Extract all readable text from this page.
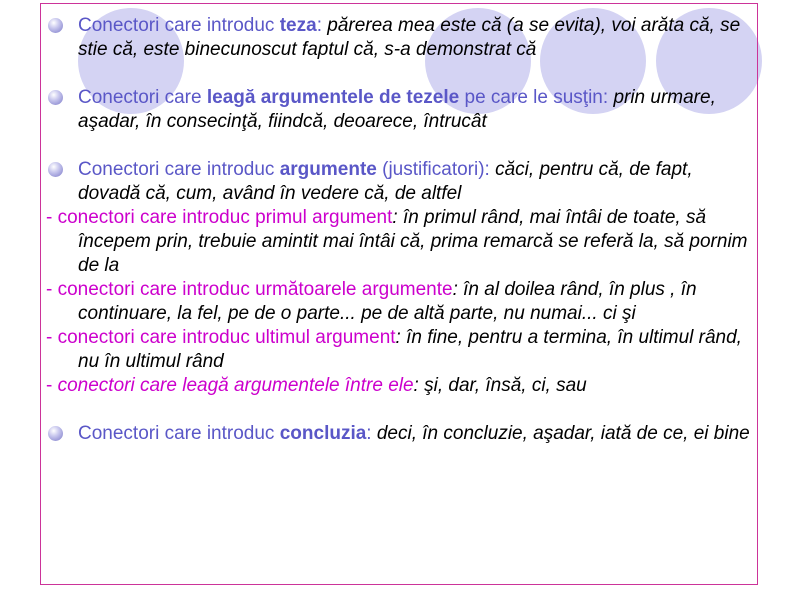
Conectori care introduc teza: părerea mea este că (a se evita), voi arăta că, se stie că, este binecunoscut faptul că, s-a demonstrat că
Conectori care leagă argumentele de tezele pe care le susţin: prin urmare, aşadar, în consecinţă, fiindcă, deoarece, întrucât
Conectori care introduc argumente (justificatori): căci, pentru că, de fapt, dovadă că, cum, având în vedere că, de altfel
- conectori care introduc primul argument: în primul rând, mai întâi de toate, să începem prin, trebuie amintit mai întâi că, prima remarcă se referă la, să pornim de la
- conectori care introduc următoarele argumente: în al doilea rând, în plus , în continuare, la fel, pe de o parte... pe de altă parte, nu numai... ci şi
- conectori care introduc ultimul argument: în fine, pentru a termina, în ultimul rând, nu în ultimul rând
- conectori care leagă argumentele între ele: şi, dar, însă, ci, sau
Conectori care introduc concluzia: deci, în concluzie, aşadar, iată de ce, ei bine
